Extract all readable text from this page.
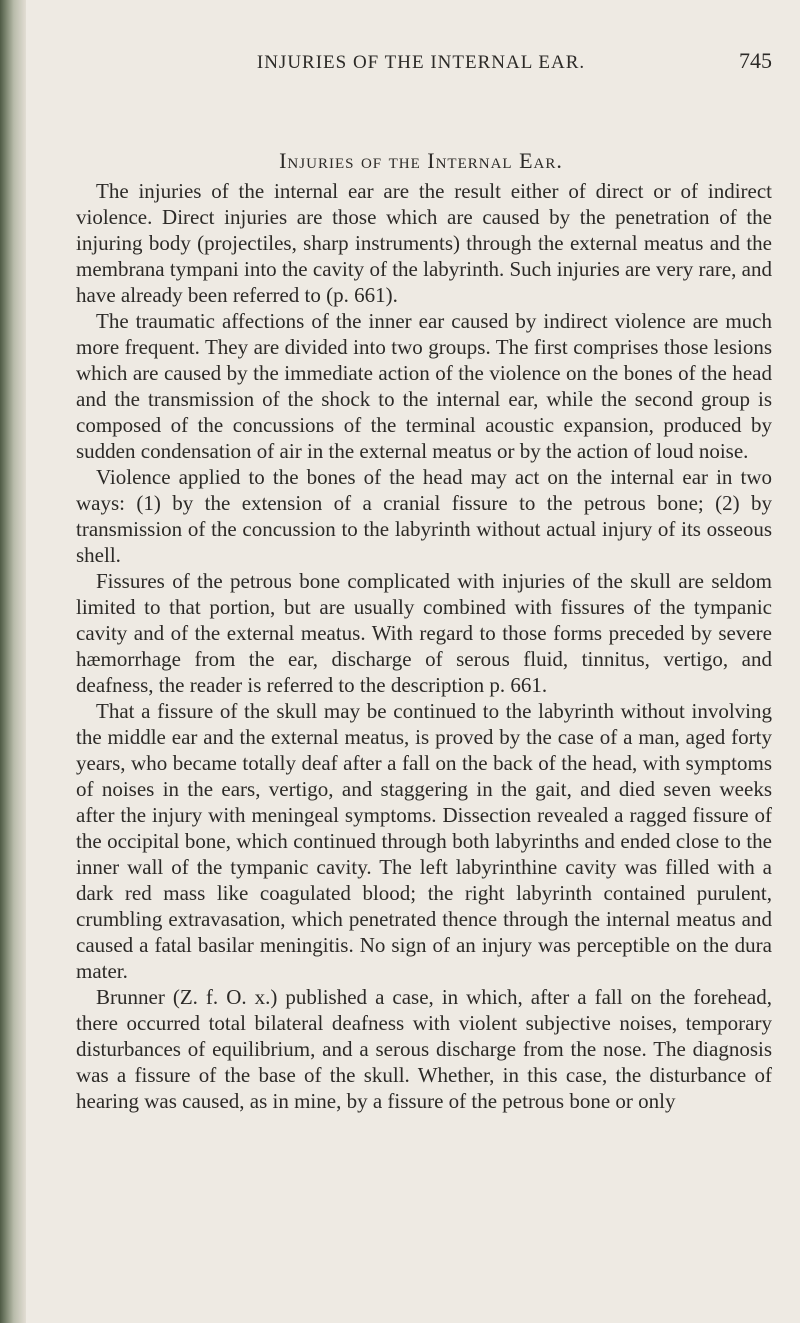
INJURIES OF THE INTERNAL EAR.	745
Injuries of the Internal Ear.

The injuries of the internal ear are the result either of direct or of indirect violence. Direct injuries are those which are caused by the penetration of the injuring body (projectiles, sharp instruments) through the external meatus and the membrana tympani into the cavity of the labyrinth. Such injuries are very rare, and have already been referred to (p. 661).

The traumatic affections of the inner ear caused by indirect violence are much more frequent. They are divided into two groups. The first comprises those lesions which are caused by the immediate action of the violence on the bones of the head and the transmission of the shock to the internal ear, while the second group is composed of the concussions of the terminal acoustic expansion, produced by sudden condensation of air in the external meatus or by the action of loud noise.

Violence applied to the bones of the head may act on the internal ear in two ways: (1) by the extension of a cranial fissure to the petrous bone; (2) by transmission of the concussion to the labyrinth without actual injury of its osseous shell.

Fissures of the petrous bone complicated with injuries of the skull are seldom limited to that portion, but are usually combined with fissures of the tympanic cavity and of the external meatus. With regard to those forms preceded by severe hæmorrhage from the ear, discharge of serous fluid, tinnitus, vertigo, and deafness, the reader is referred to the description p. 661.

That a fissure of the skull may be continued to the labyrinth without involving the middle ear and the external meatus, is proved by the case of a man, aged forty years, who became totally deaf after a fall on the back of the head, with symptoms of noises in the ears, vertigo, and staggering in the gait, and died seven weeks after the injury with meningeal symptoms. Dissection revealed a ragged fissure of the occipital bone, which continued through both labyrinths and ended close to the inner wall of the tympanic cavity. The left labyrinthine cavity was filled with a dark red mass like coagulated blood; the right labyrinth contained purulent, crumbling extravasation, which penetrated thence through the internal meatus and caused a fatal basilar meningitis. No sign of an injury was perceptible on the dura mater.

Brunner (Z. f. O. x.) published a case, in which, after a fall on the forehead, there occurred total bilateral deafness with violent subjective noises, temporary disturbances of equilibrium, and a serous discharge from the nose. The diagnosis was a fissure of the base of the skull. Whether, in this case, the disturbance of hearing was caused, as in mine, by a fissure of the petrous bone or only
